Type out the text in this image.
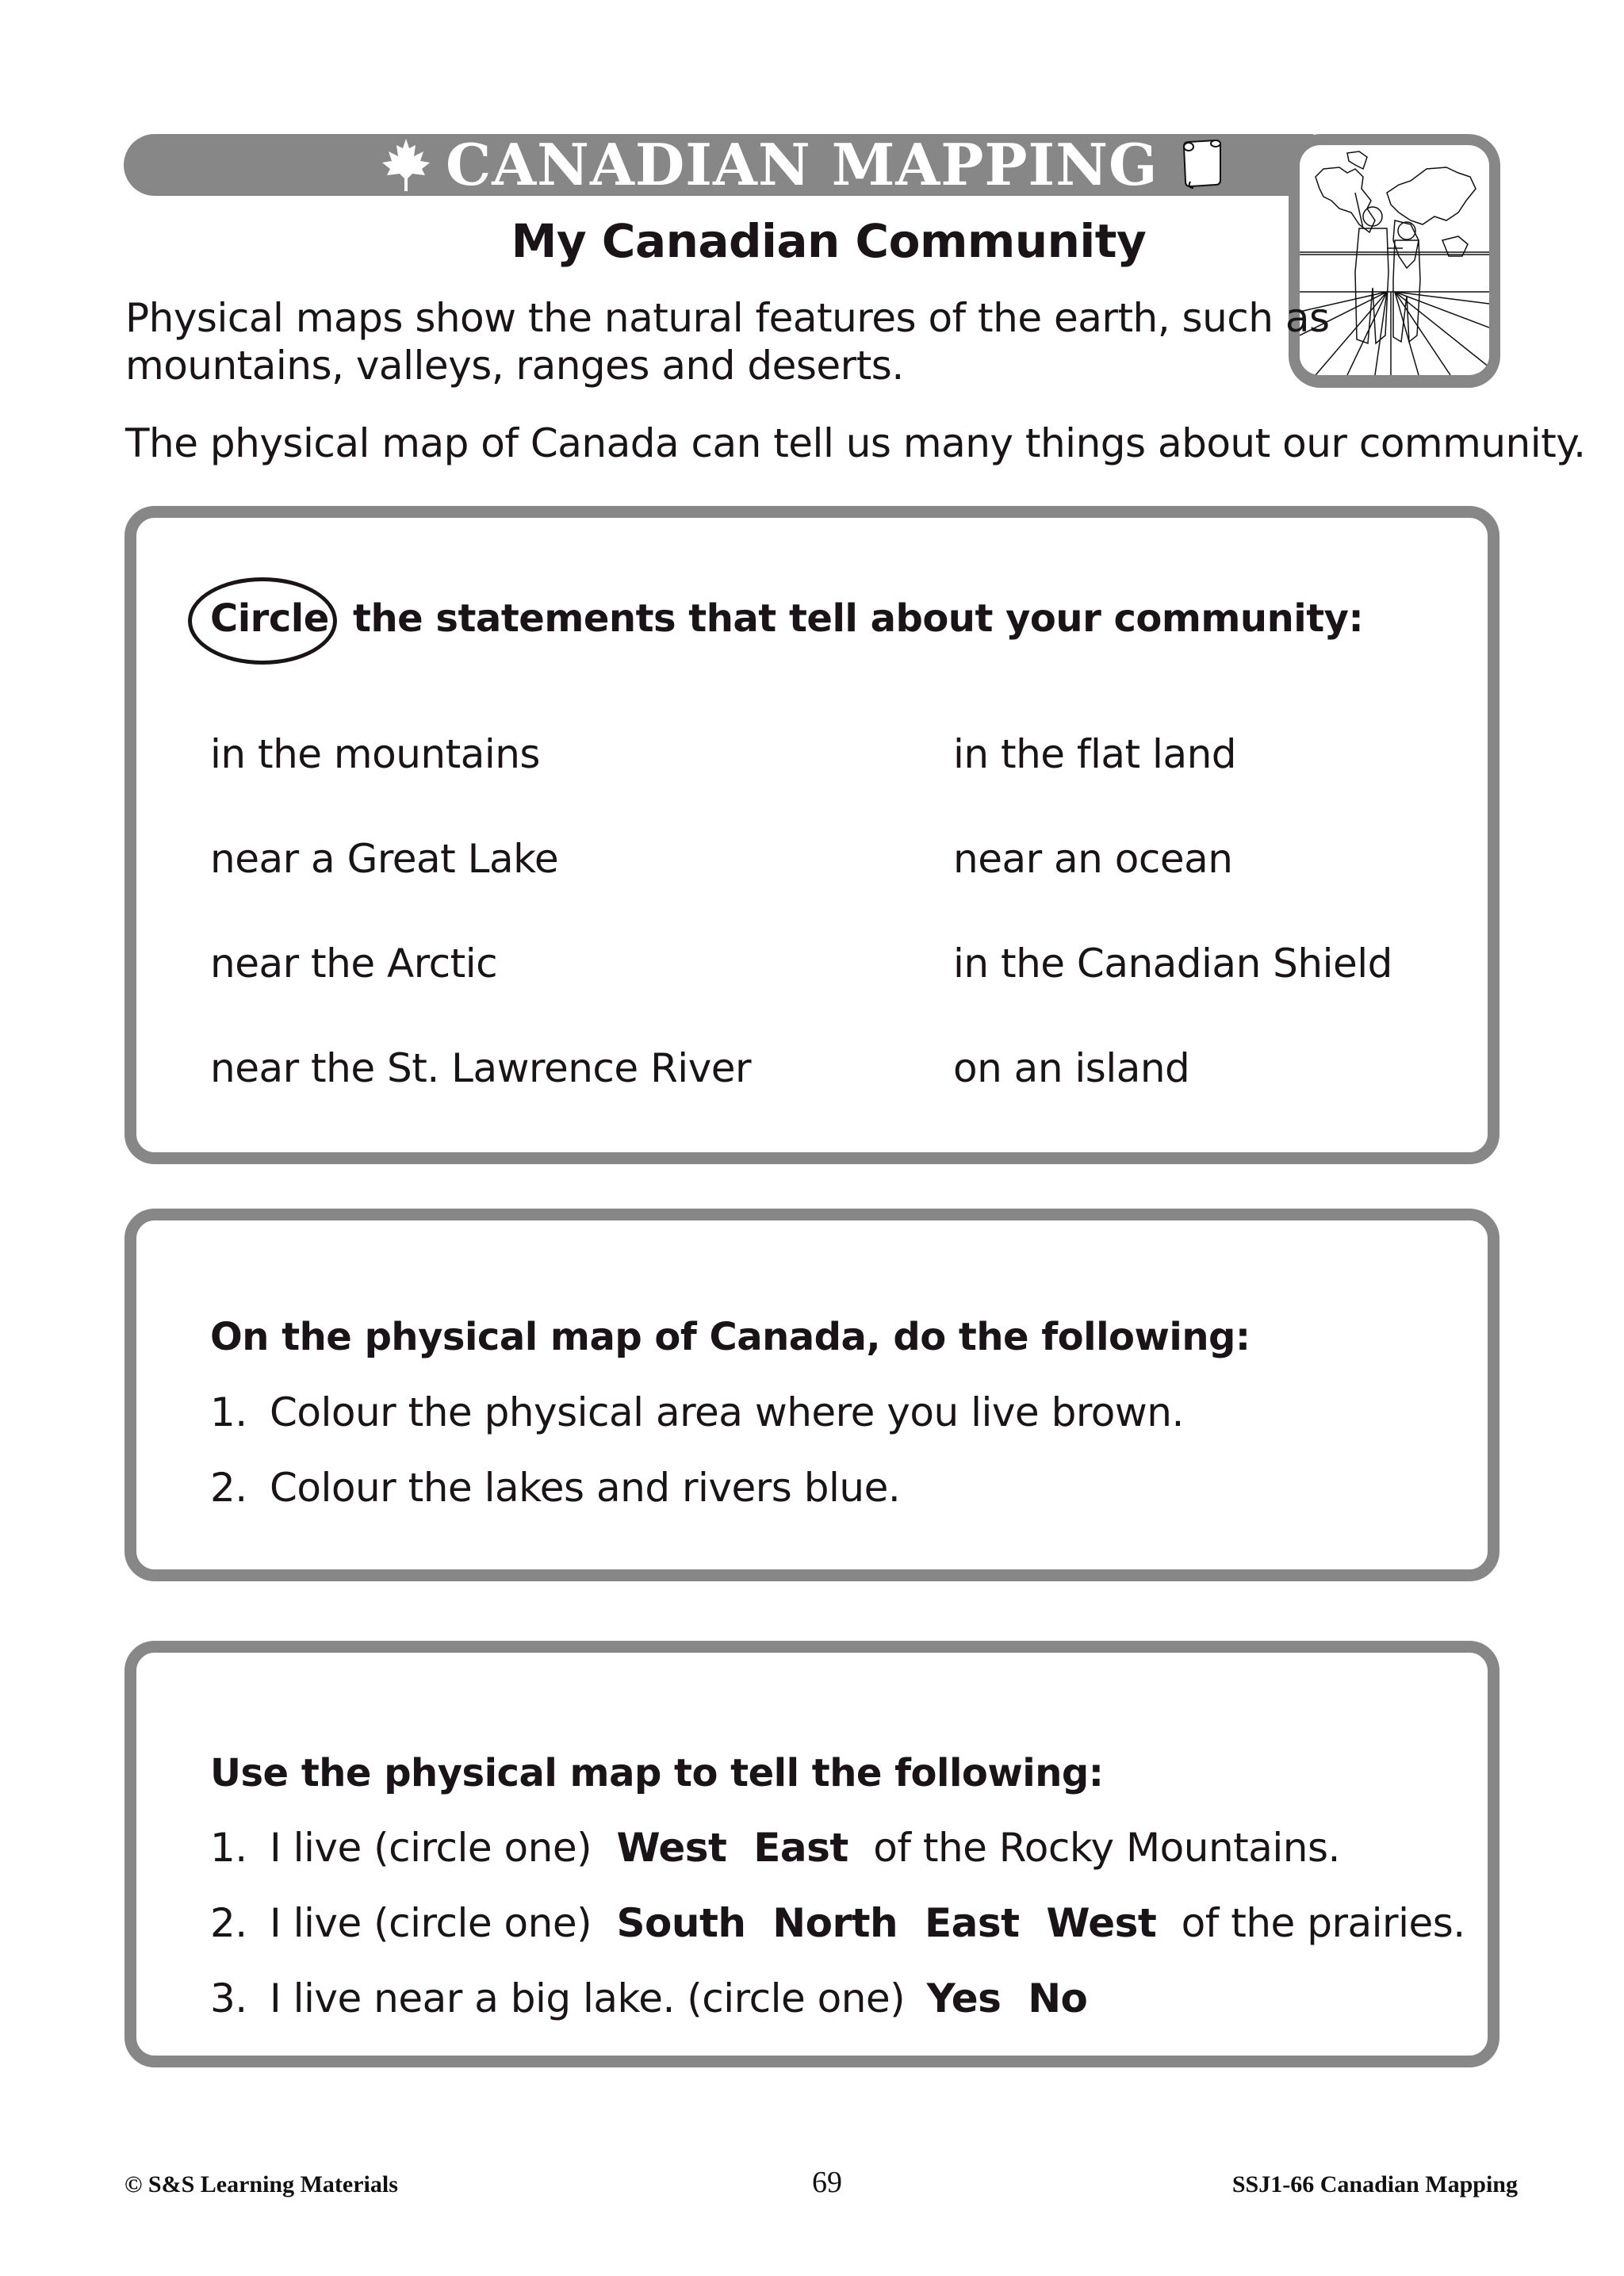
CANADIAN MAPPING
My Canadian Community
Physical maps show the natural features of the earth, such as
mountains, valleys, ranges and deserts.
The physical map of Canada can tell us many things about our community.
Circle the statements that tell about your community:
in the mountains
near a Great Lake
near the Arctic
near the St. Lawrence River
in the flat land
near an ocean
in the Canadian Shield
on an island
On the physical map of Canada, do the following:
1. Colour the physical area where you live brown.
2. Colour the lakes and rivers blue.
Use the physical map to tell the following:
1. I live (circle one) West  East of the Rocky Mountains.
2. I live (circle one) South  North  East  West of the prairies.
3. I live near a big lake. (circle one) Yes  No
© S&S Learning Materials	69	SSJ1-66 Canadian Mapping
